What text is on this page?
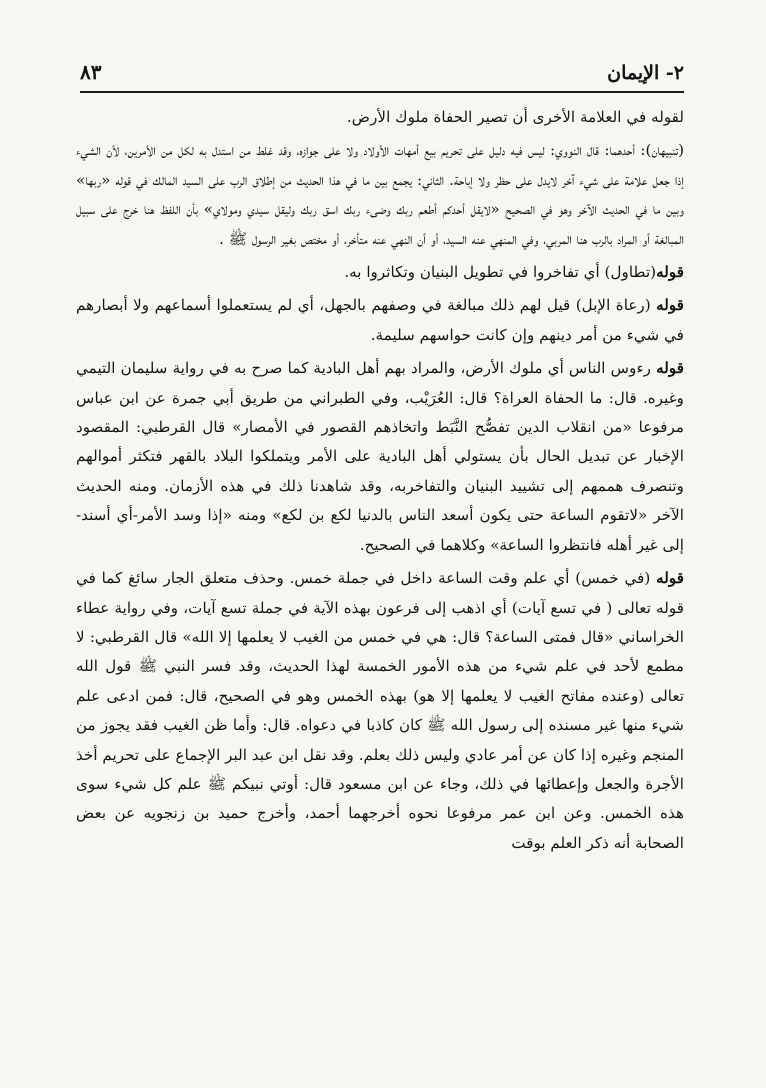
٢- الإيمان
٨٣

لقوله في العلامة الأخرى أن تصير الحفاة ملوك الأرض.

(تنبيهان): أحدهما: قال النووي: ليس فيه دليل على تحريم بيع أمهات الأولاد ولا على جوازه، وقد غلط من استدل به لكل من الأمرين، لأن الشيء إذا جعل علامة على شيء آخر لايدل على حظر ولا إباحة. الثاني: يجمع بين ما في هذا الحديث من إطلاق الرب على السيد المالك في قوله «ربها» وبين ما في الحديث الآخر وهو في الصحيح «لايقل أحدكم أطعم ربك وضىء ربك اسق ربك وليقل سيدي ومولاي» بأن اللفظ هنا خرج على سبيل المبالغة أو المراد بالرب هنا المربي، وفي المنهي عنه السيد، أو أن النهي عنه متأخر، أو مختص بغير الرسول ﷺ .

قوله(تطاول) أي تفاخروا في تطويل البنيان وتكاثروا به.

قوله (رعاة الإبل) قيل لهم ذلك مبالغة في وصفهم بالجهل، أي لم يستعملوا أسماعهم ولا أبصارهم في شيء من أمر دينهم وإن كانت حواسهم سليمة.

قوله رءوس الناس أي ملوك الأرض، والمراد بهم أهل البادية كما صرح به في رواية سليمان التيمي وغيره. قال: ما الحفاة العراة؟ قال: العُرَيْب، وفي الطبراني من طريق أبي جمرة عن ابن عباس مرفوعا «من انقلاب الدين تفصُّح النَّبَط واتخاذهم القصور في الأمصار» قال القرطبي: المقصود الإخبار عن تبديل الحال بأن يستولي أهل البادية على الأمر ويتملكوا البلاد بالقهر فتكثر أموالهم وتنصرف هممهم إلى تشييد البنيان والتفاخربه، وقد شاهدنا ذلك في هذه الأزمان. ومنه الحديث الآخر «لاتقوم الساعة حتى يكون أسعد الناس بالدنيا لكع بن لكع» ومنه «إذا وسد الأمر-أي أسند-إلى غير أهله فانتظروا الساعة» وكلاهما في الصحيح.

قوله (في خمس) أي علم وقت الساعة داخل في جملة خمس. وحذف متعلق الجار سائغ كما في قوله تعالى ( في تسع آيات) أي اذهب إلى فرعون بهذه الآية في جملة تسع آيات، وفي رواية عطاء الخراساني «قال فمتى الساعة؟ قال: هي في خمس من الغيب لا يعلمها إلا الله» قال القرطبي: لا مطمع لأحد في علم شيء من هذه الأمور الخمسة لهذا الحديث، وقد فسر النبي ﷺ قول الله تعالى (وعنده مفاتح الغيب لا يعلمها إلا هو) بهذه الخمس وهو في الصحيح، قال: فمن ادعى علم شيء منها غير مسنده إلى رسول الله ﷺ كان كاذبا في دعواه. قال: وأما ظن الغيب فقد يجوز من المنجم وغيره إذا كان عن أمر عادي وليس ذلك بعلم. وقد نقل ابن عبد البر الإجماع على تحريم أخذ الأجرة والجعل وإعطائها في ذلك، وجاء عن ابن مسعود قال: أوتي نبيكم ﷺ علم كل شيء سوى هذه الخمس. وعن ابن عمر مرفوعا نحوه أخرجهما أحمد، وأخرج حميد بن زنجويه عن بعض الصحابة أنه ذكر العلم بوقت
